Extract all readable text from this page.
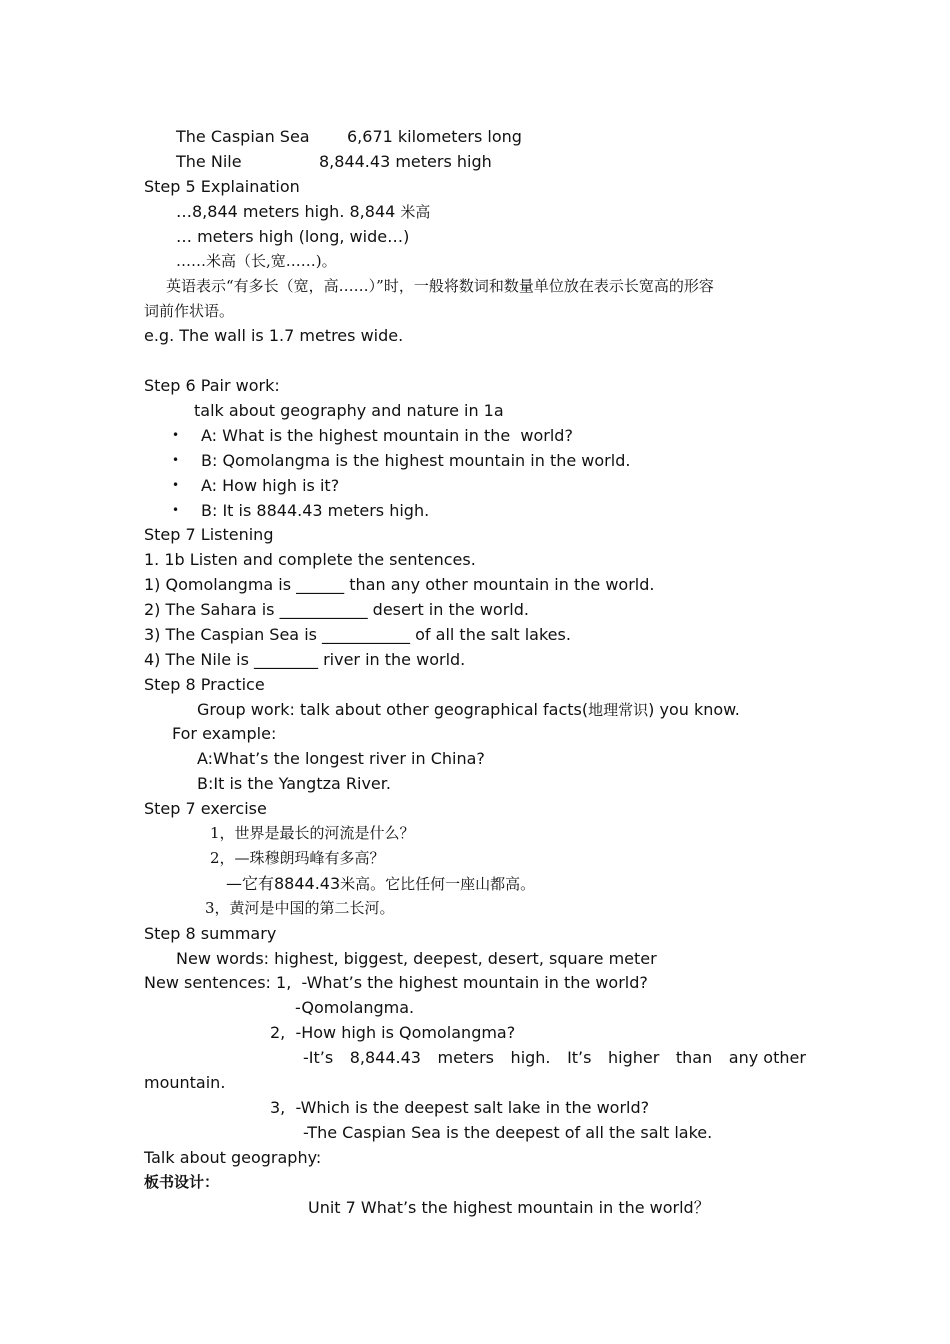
The Caspian Sea 6,671 kilometers long
The Nile	8,844.43 meters high
Step 5 Explaination
…8,844 meters high. 8,844 米高
… meters high (long, wide…)
……米高（长,宽……)。
英语表示“有多长（宽，高……）”时，一般将数词和数量单位放在表示长宽高的形容
词前作状语。
e.g. The wall is 1.7 metres wide.
Step 6 Pair work:
talk about geography and nature in 1a
• A: What is the highest mountain in the  world?
• B: Qomolangma is the highest mountain in the world.
• A: How high is it?
• B: It is 8844.43 meters high.
Step 7 Listening
1. 1b Listen and complete the sentences.
1) Qomolangma is ______ than any other mountain in the world.
2) The Sahara is ___________ desert in the world.
3) The Caspian Sea is ___________ of all the salt lakes.
4) The Nile is ________ river in the world.
Step 8 Practice
Group work: talk about other geographical facts(地理常识) you know.
For example:
A:What’s the longest river in China?
B:It is the Yangtza River.
Step 7 exercise
1，世界是最长的河流是什么？
2，—珠穆朗玛峰有多高？
—它有8844.43米高。它比任何一座山都高。
3，黄河是中国的第二长河。
Step 8 summary
New words: highest, biggest, deepest, desert, square meter
New sentences: 1,  -What’s the highest mountain in the world?
-Qomolangma.
2,  -How high is Qomolangma?
-It’s 8,844.43 meters high. It’s higher than any other
mountain.
3,  -Which is the deepest salt lake in the world?
-The Caspian Sea is the deepest of all the salt lake.
Talk about geography:
板书设计：
Unit 7 What’s the highest mountain in the world？
